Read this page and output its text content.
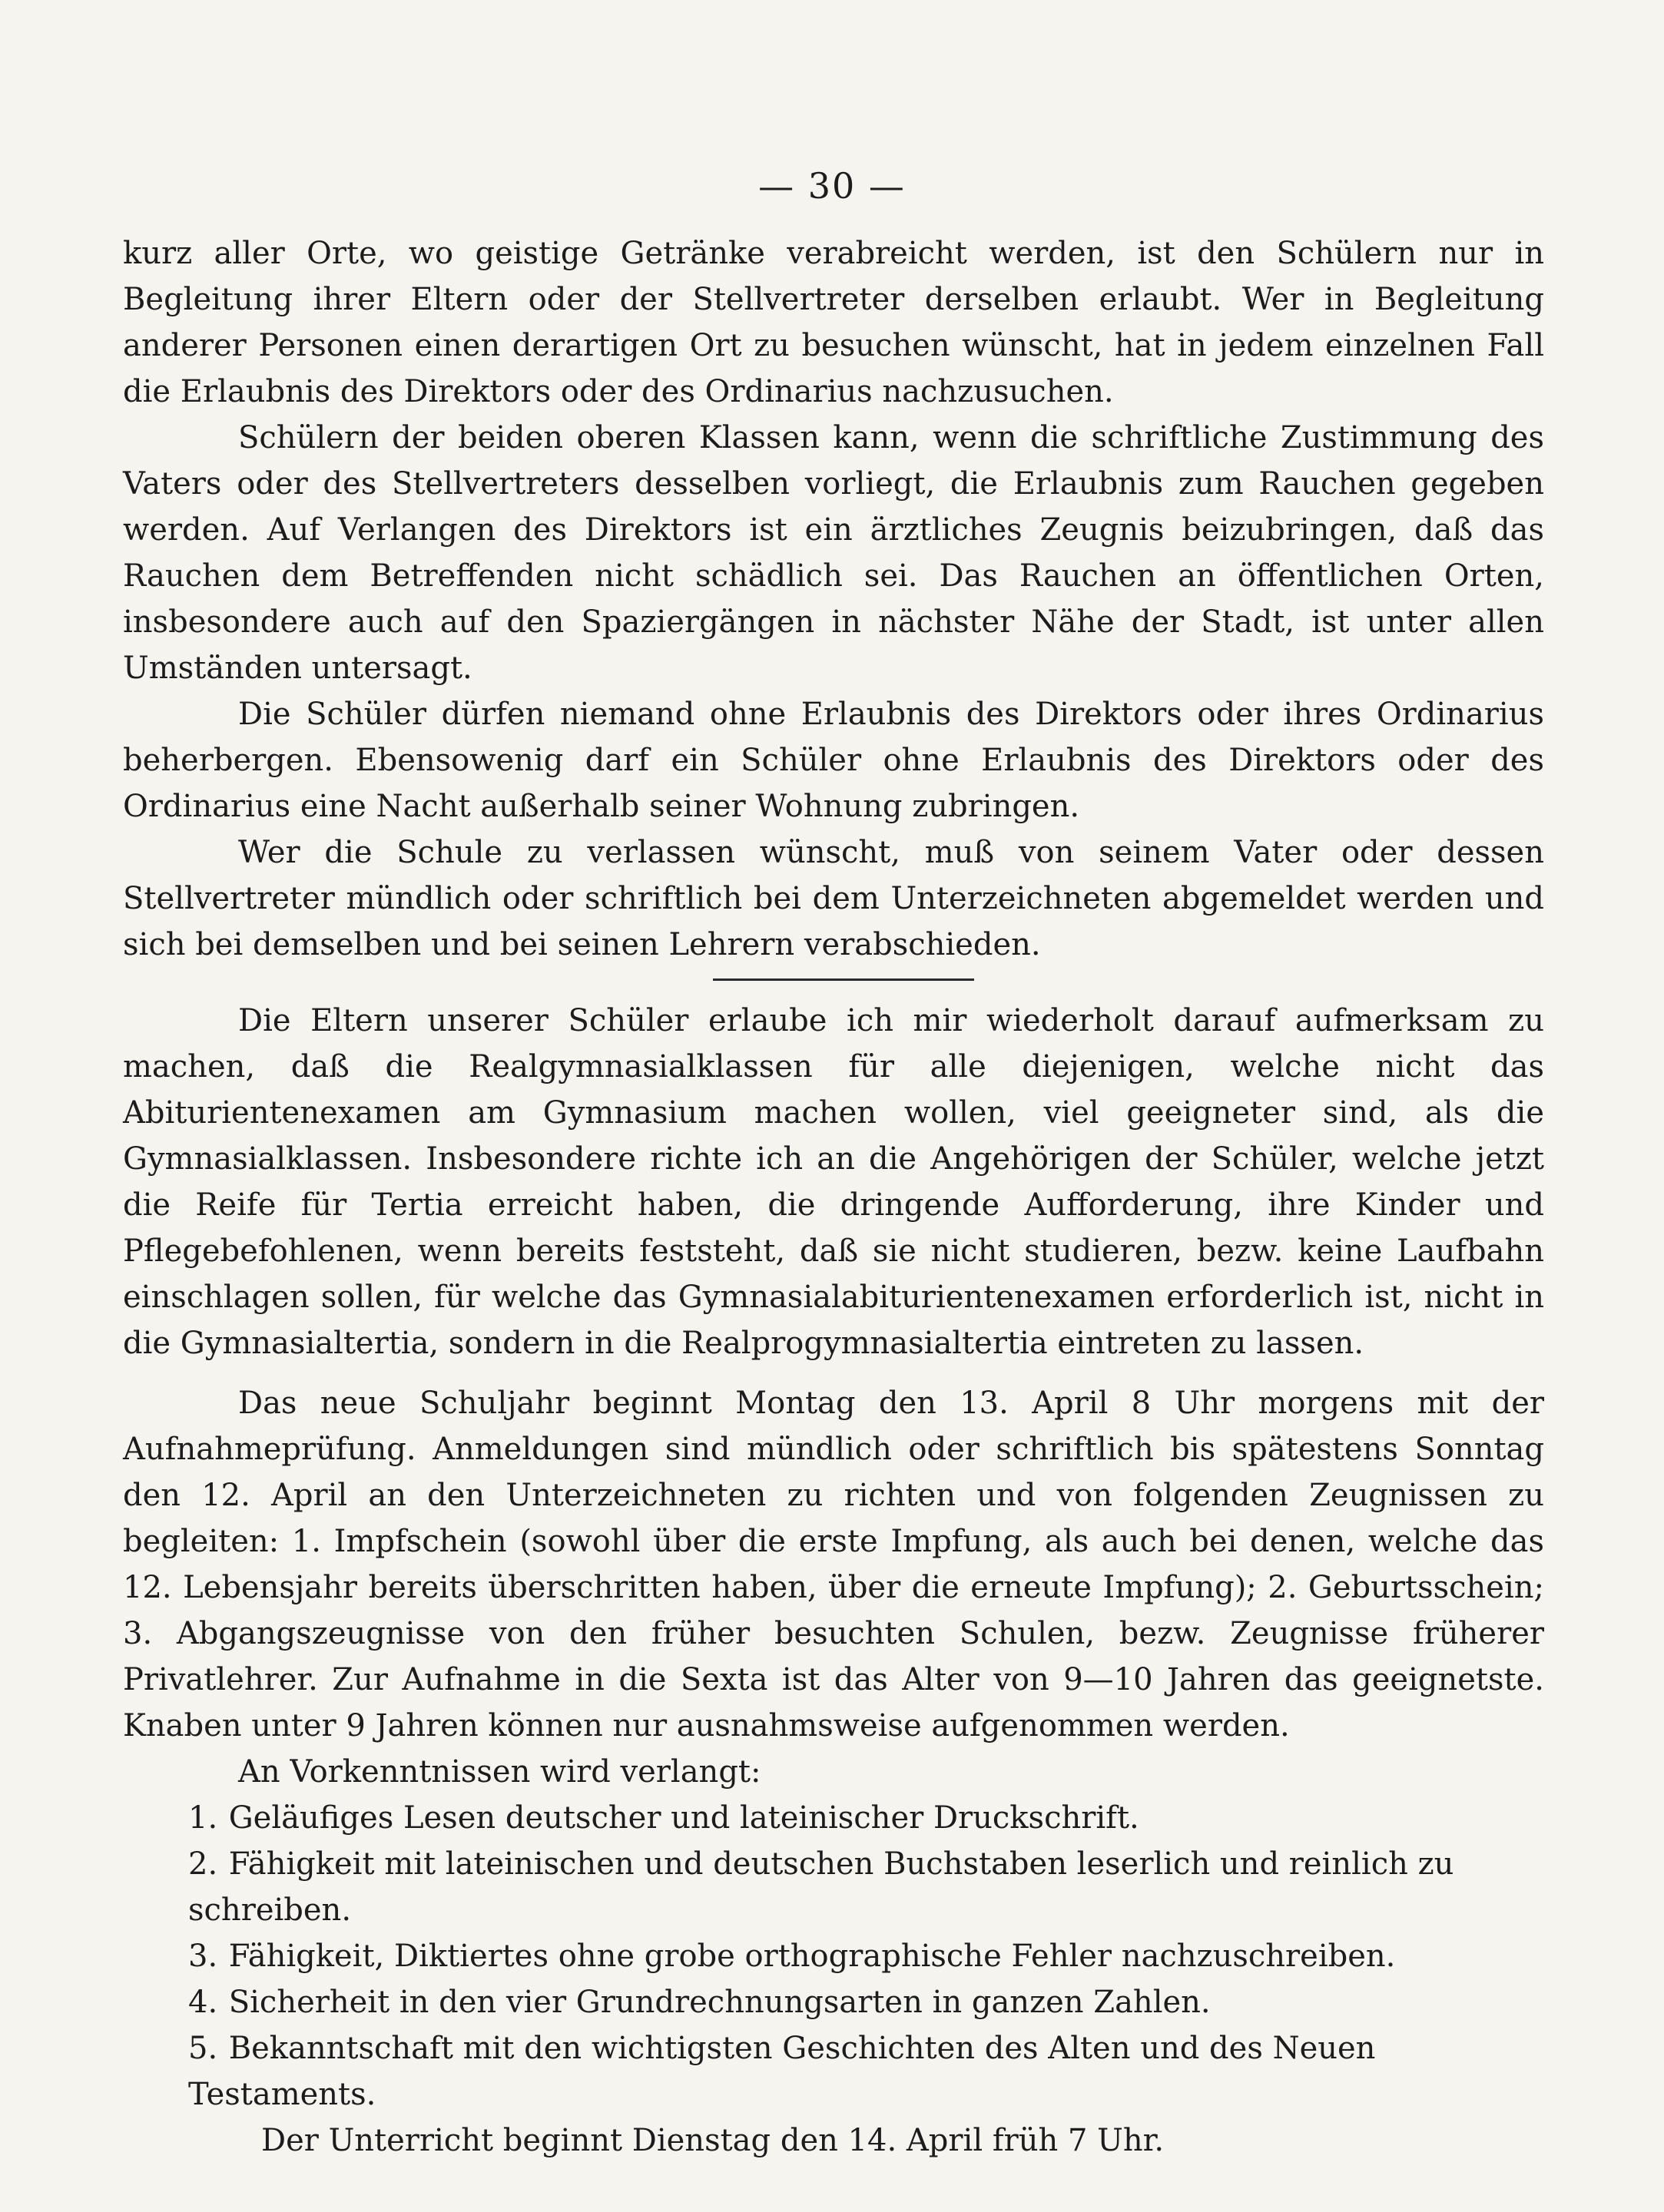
— 30 —

kurz aller Orte, wo geistige Getränke verabreicht werden, ist den Schülern nur in Begleitung ihrer Eltern oder der Stellvertreter derselben erlaubt. Wer in Begleitung anderer Personen einen derartigen Ort zu besuchen wünscht, hat in jedem einzelnen Fall die Erlaubnis des Direktors oder des Ordinarius nachzusuchen.

Schülern der beiden oberen Klassen kann, wenn die schriftliche Zustimmung des Vaters oder des Stellvertreters desselben vorliegt, die Erlaubnis zum Rauchen gegeben werden. Auf Verlangen des Direktors ist ein ärztliches Zeugnis beizubringen, daß das Rauchen dem Betreffenden nicht schädlich sei. Das Rauchen an öffentlichen Orten, insbesondere auch auf den Spaziergängen in nächster Nähe der Stadt, ist unter allen Umständen untersagt.

Die Schüler dürfen niemand ohne Erlaubnis des Direktors oder ihres Ordinarius beherbergen. Ebensowenig darf ein Schüler ohne Erlaubnis des Direktors oder des Ordinarius eine Nacht außerhalb seiner Wohnung zubringen.

Wer die Schule zu verlassen wünscht, muß von seinem Vater oder dessen Stellvertreter mündlich oder schriftlich bei dem Unterzeichneten abgemeldet werden und sich bei demselben und bei seinen Lehrern verabschieden.

Die Eltern unserer Schüler erlaube ich mir wiederholt darauf aufmerksam zu machen, daß die Realgymnasialklassen für alle diejenigen, welche nicht das Abiturientenexamen am Gymnasium machen wollen, viel geeigneter sind, als die Gymnasialklassen. Insbesondere richte ich an die Angehörigen der Schüler, welche jetzt die Reife für Tertia erreicht haben, die dringende Aufforderung, ihre Kinder und Pflegebefohlenen, wenn bereits feststeht, daß sie nicht studieren, bezw. keine Laufbahn einschlagen sollen, für welche das Gymnasialabiturientenexamen erforderlich ist, nicht in die Gymnasialtertia, sondern in die Realprogymnasialtertia eintreten zu lassen.

Das neue Schuljahr beginnt Montag den 13. April 8 Uhr morgens mit der Aufnahmeprüfung. Anmeldungen sind mündlich oder schriftlich bis spätestens Sonntag den 12. April an den Unterzeichneten zu richten und von folgenden Zeugnissen zu begleiten: 1. Impfschein (sowohl über die erste Impfung, als auch bei denen, welche das 12. Lebensjahr bereits überschritten haben, über die erneute Impfung); 2. Geburtsschein; 3. Abgangszeugnisse von den früher besuchten Schulen, bezw. Zeugnisse früherer Privatlehrer. Zur Aufnahme in die Sexta ist das Alter von 9—10 Jahren das geeignetste. Knaben unter 9 Jahren können nur ausnahmsweise aufgenommen werden.

An Vorkenntnissen wird verlangt:

1. Geläufiges Lesen deutscher und lateinischer Druckschrift.
2. Fähigkeit mit lateinischen und deutschen Buchstaben leserlich und reinlich zu schreiben.
3. Fähigkeit, Diktiertes ohne grobe orthographische Fehler nachzuschreiben.
4. Sicherheit in den vier Grundrechnungsarten in ganzen Zahlen.
5. Bekanntschaft mit den wichtigsten Geschichten des Alten und des Neuen Testaments.

Der Unterricht beginnt Dienstag den 14. April früh 7 Uhr.
